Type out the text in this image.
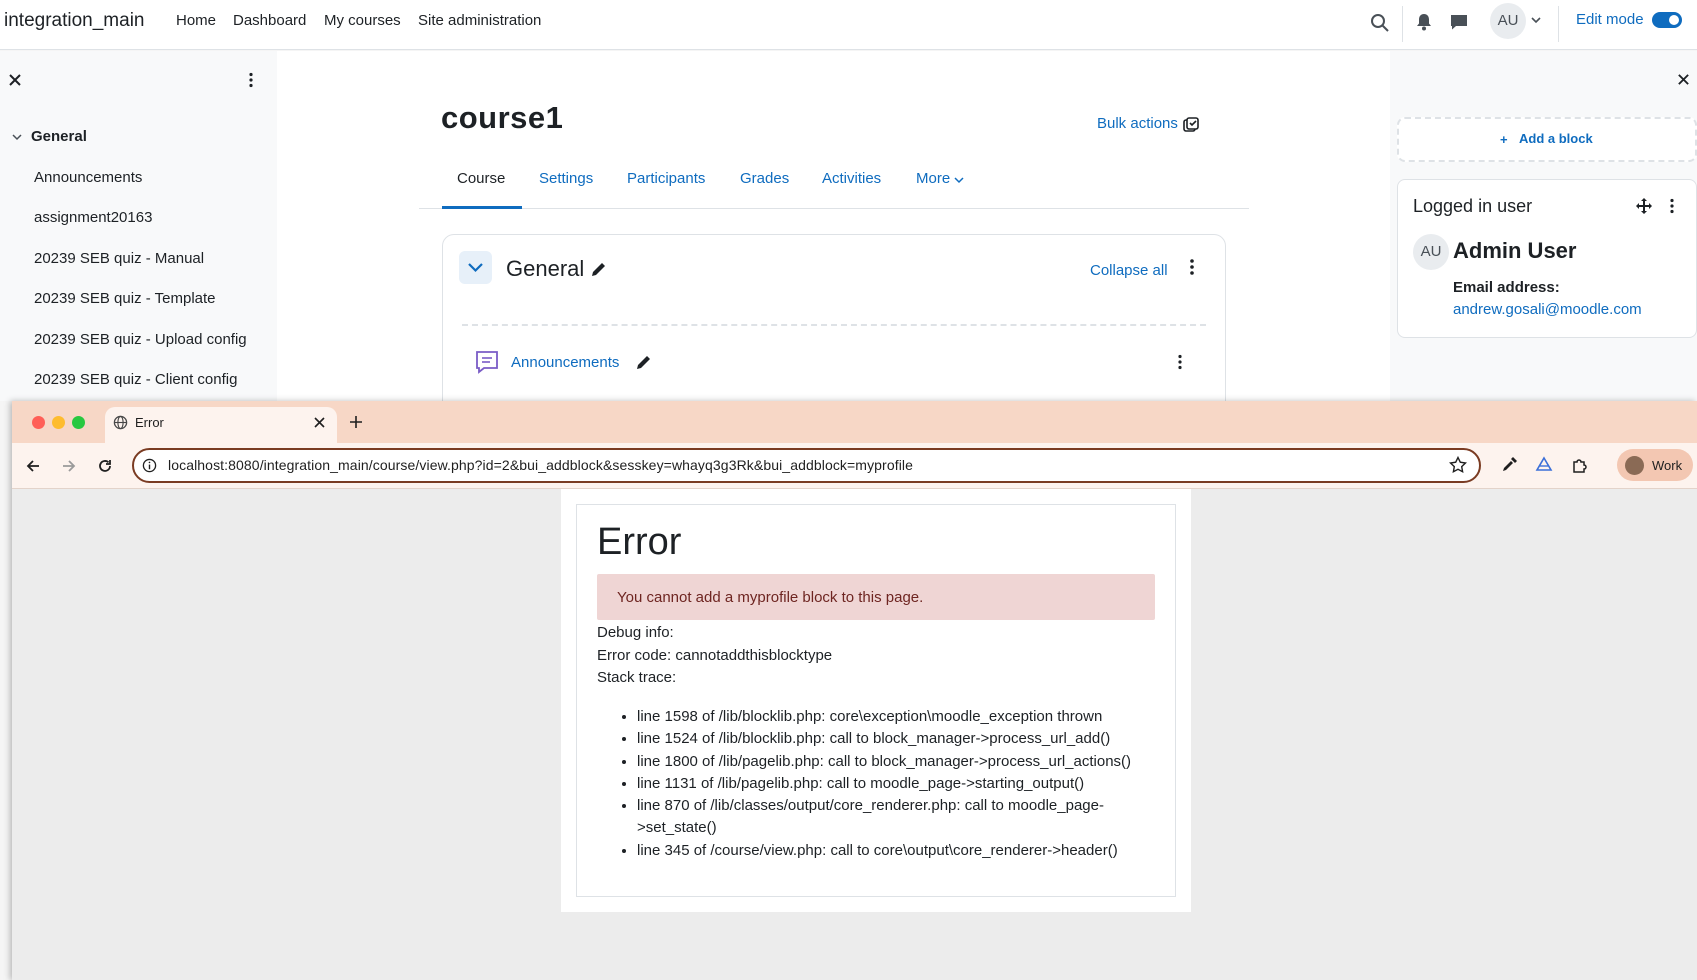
integration_main Home Dashboard My courses Site administration	AU	Edit mode
General
Announcements
assignment20163
20239 SEB quiz - Manual
20239 SEB quiz - Template
20239 SEB quiz - Upload config
20239 SEB quiz - Client config
course1	Bulk actions
Course Settings Participants Grades Activities More
General	Collapse all
Announcements
+ Add a block
Logged in user
AU Admin User
Email address:
andrew.gosali@moodle.com
Error
localhost:8080/integration_main/course/view.php?id=2&bui_addblock&sesskey=whayq3g3Rk&bui_addblock=myprofile	Work
Error
You cannot add a myprofile block to this page.
Debug info:
Error code: cannotaddthisblocktype
Stack trace:
• line 1598 of /lib/blocklib.php: core\exception\moodle_exception thrown
• line 1524 of /lib/blocklib.php: call to block_manager->process_url_add()
• line 1800 of /lib/pagelib.php: call to block_manager->process_url_actions()
• line 1131 of /lib/pagelib.php: call to moodle_page->starting_output()
• line 870 of /lib/classes/output/core_renderer.php: call to moodle_page->set_state()
• line 345 of /course/view.php: call to core\output\core_renderer->header()
